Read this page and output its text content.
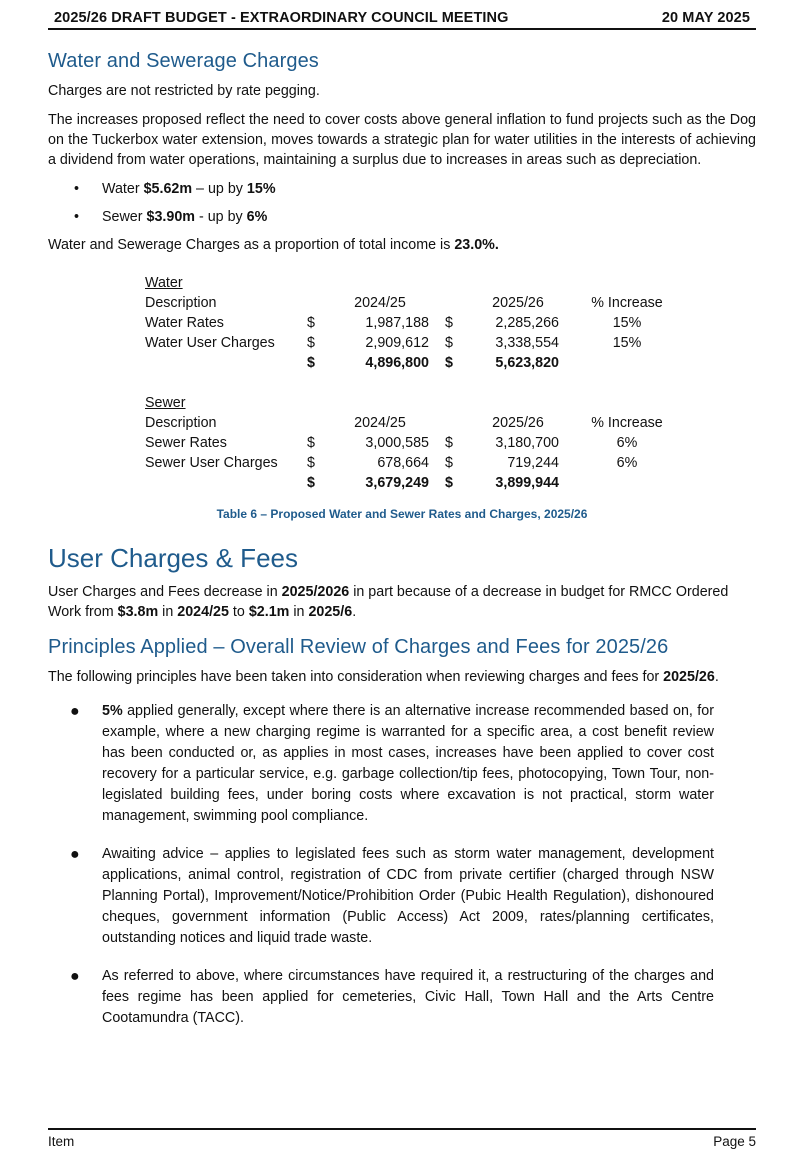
2025/26 DRAFT BUDGET - EXTRAORDINARY COUNCIL MEETING	20 MAY 2025
Water and Sewerage Charges

Charges are not restricted by rate pegging.

The increases proposed reflect the need to cover costs above general inflation to fund projects such as the Dog on the Tuckerbox water extension, moves towards a strategic plan for water utilities in the interests of achieving a dividend from water operations, maintaining a surplus due to increases in areas such as depreciation.

• Water $5.62m – up by 15%
• Sewer $3.90m - up by 6%

Water and Sewerage Charges as a proportion of total income is 23.0%.

Water					
Description		2024/25		2025/26	% Increase
Water Rates	$	1,987,188	$	2,285,266	15%
Water User Charges	$	2,909,612	$	3,338,554	15%
	$	4,896,800	$	5,623,820	

Sewer					
Description		2024/25		2025/26	% Increase
Sewer Rates	$	3,000,585	$	3,180,700	6%
Sewer User Charges	$	678,664	$	719,244	6%
	$	3,679,249	$	3,899,944	
Table 6 – Proposed Water and Sewer Rates and Charges, 2025/26
User Charges & Fees

User Charges and Fees decrease in 2025/2026 in part because of a decrease in budget for RMCC Ordered Work from $3.8m in 2024/25 to $2.1m in 2025/6.

Principles Applied – Overall Review of Charges and Fees for 2025/26

The following principles have been taken into consideration when reviewing charges and fees for 2025/26.

● 5% applied generally, except where there is an alternative increase recommended based on, for example, where a new charging regime is warranted for a specific area, a cost benefit review has been conducted or, as applies in most cases, increases have been applied to cover cost recovery for a particular service, e.g. garbage collection/tip fees, photocopying, Town Tour, non-legislated building fees, under boring costs where excavation is not practical, storm water management, swimming pool compliance.
● Awaiting advice – applies to legislated fees such as storm water management, development applications, animal control, registration of CDC from private certifier (charged through NSW Planning Portal), Improvement/Notice/Prohibition Order (Pubic Health Regulation), dishonoured cheques, government information (Public Access) Act 2009, rates/planning certificates, outstanding notices and liquid trade waste.
● As referred to above, where circumstances have required it, a restructuring of the charges and fees regime has been applied for cemeteries, Civic Hall, Town Hall and the Arts Centre Cootamundra (TACC).
Item	Page 5
